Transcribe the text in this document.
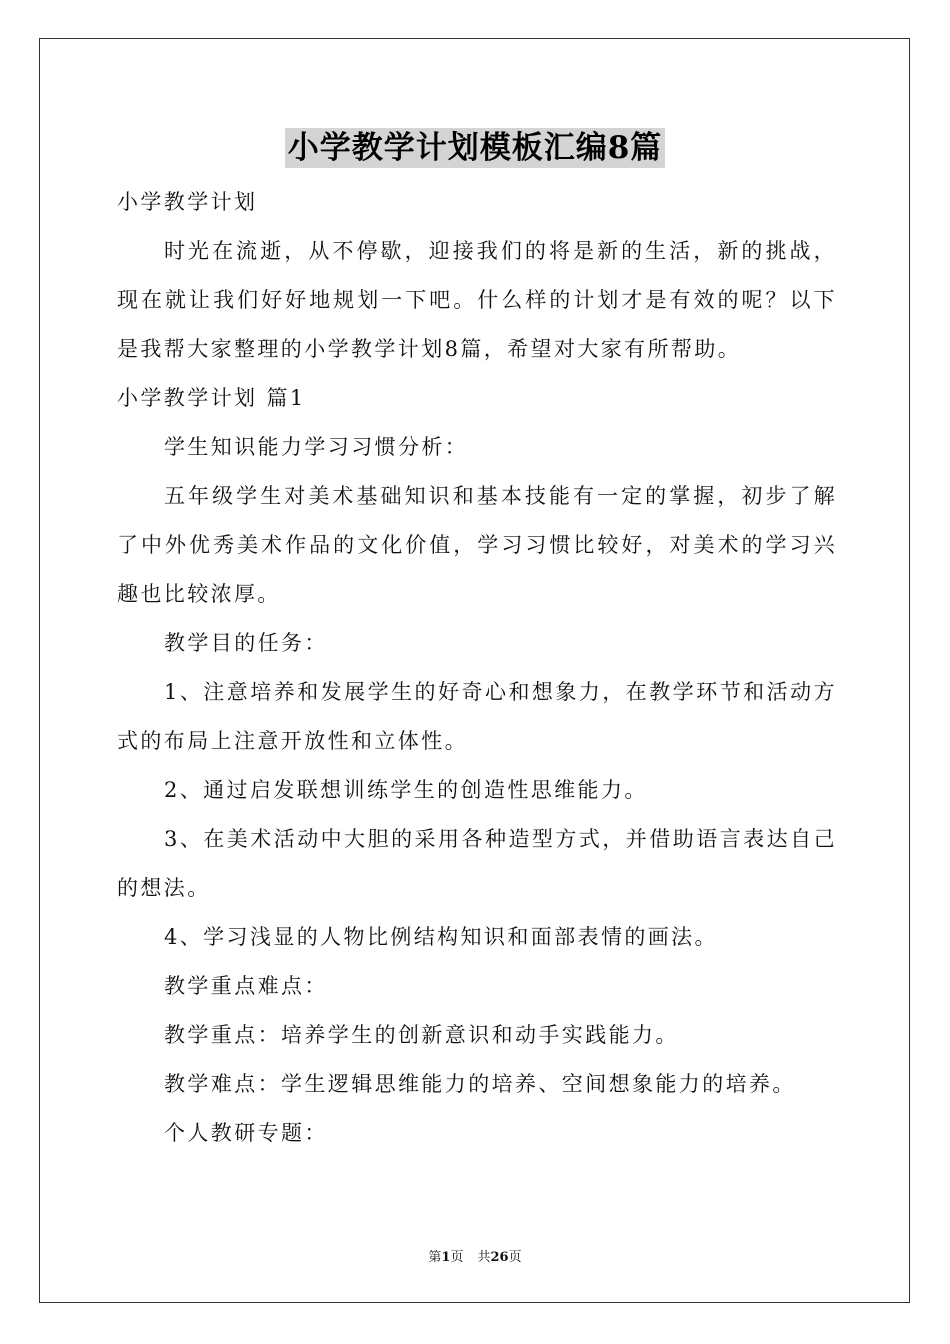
小学教学计划模板汇编8篇

小学教学计划

时光在流逝，从不停歇，迎接我们的将是新的生活，新的挑战，现在就让我们好好地规划一下吧。什么样的计划才是有效的呢？以下是我帮大家整理的小学教学计划8篇，希望对大家有所帮助。

小学教学计划 篇1

学生知识能力学习习惯分析：

五年级学生对美术基础知识和基本技能有一定的掌握，初步了解了中外优秀美术作品的文化价值，学习习惯比较好，对美术的学习兴趣也比较浓厚。

教学目的任务：

1、注意培养和发展学生的好奇心和想象力，在教学环节和活动方式的布局上注意开放性和立体性。

2、通过启发联想训练学生的创造性思维能力。

3、在美术活动中大胆的采用各种造型方式，并借助语言表达自己的想法。

4、学习浅显的人物比例结构知识和面部表情的画法。

教学重点难点：

教学重点：培养学生的创新意识和动手实践能力。

教学难点：学生逻辑思维能力的培养、空间想象能力的培养。

个人教研专题：

第1页 共26页
